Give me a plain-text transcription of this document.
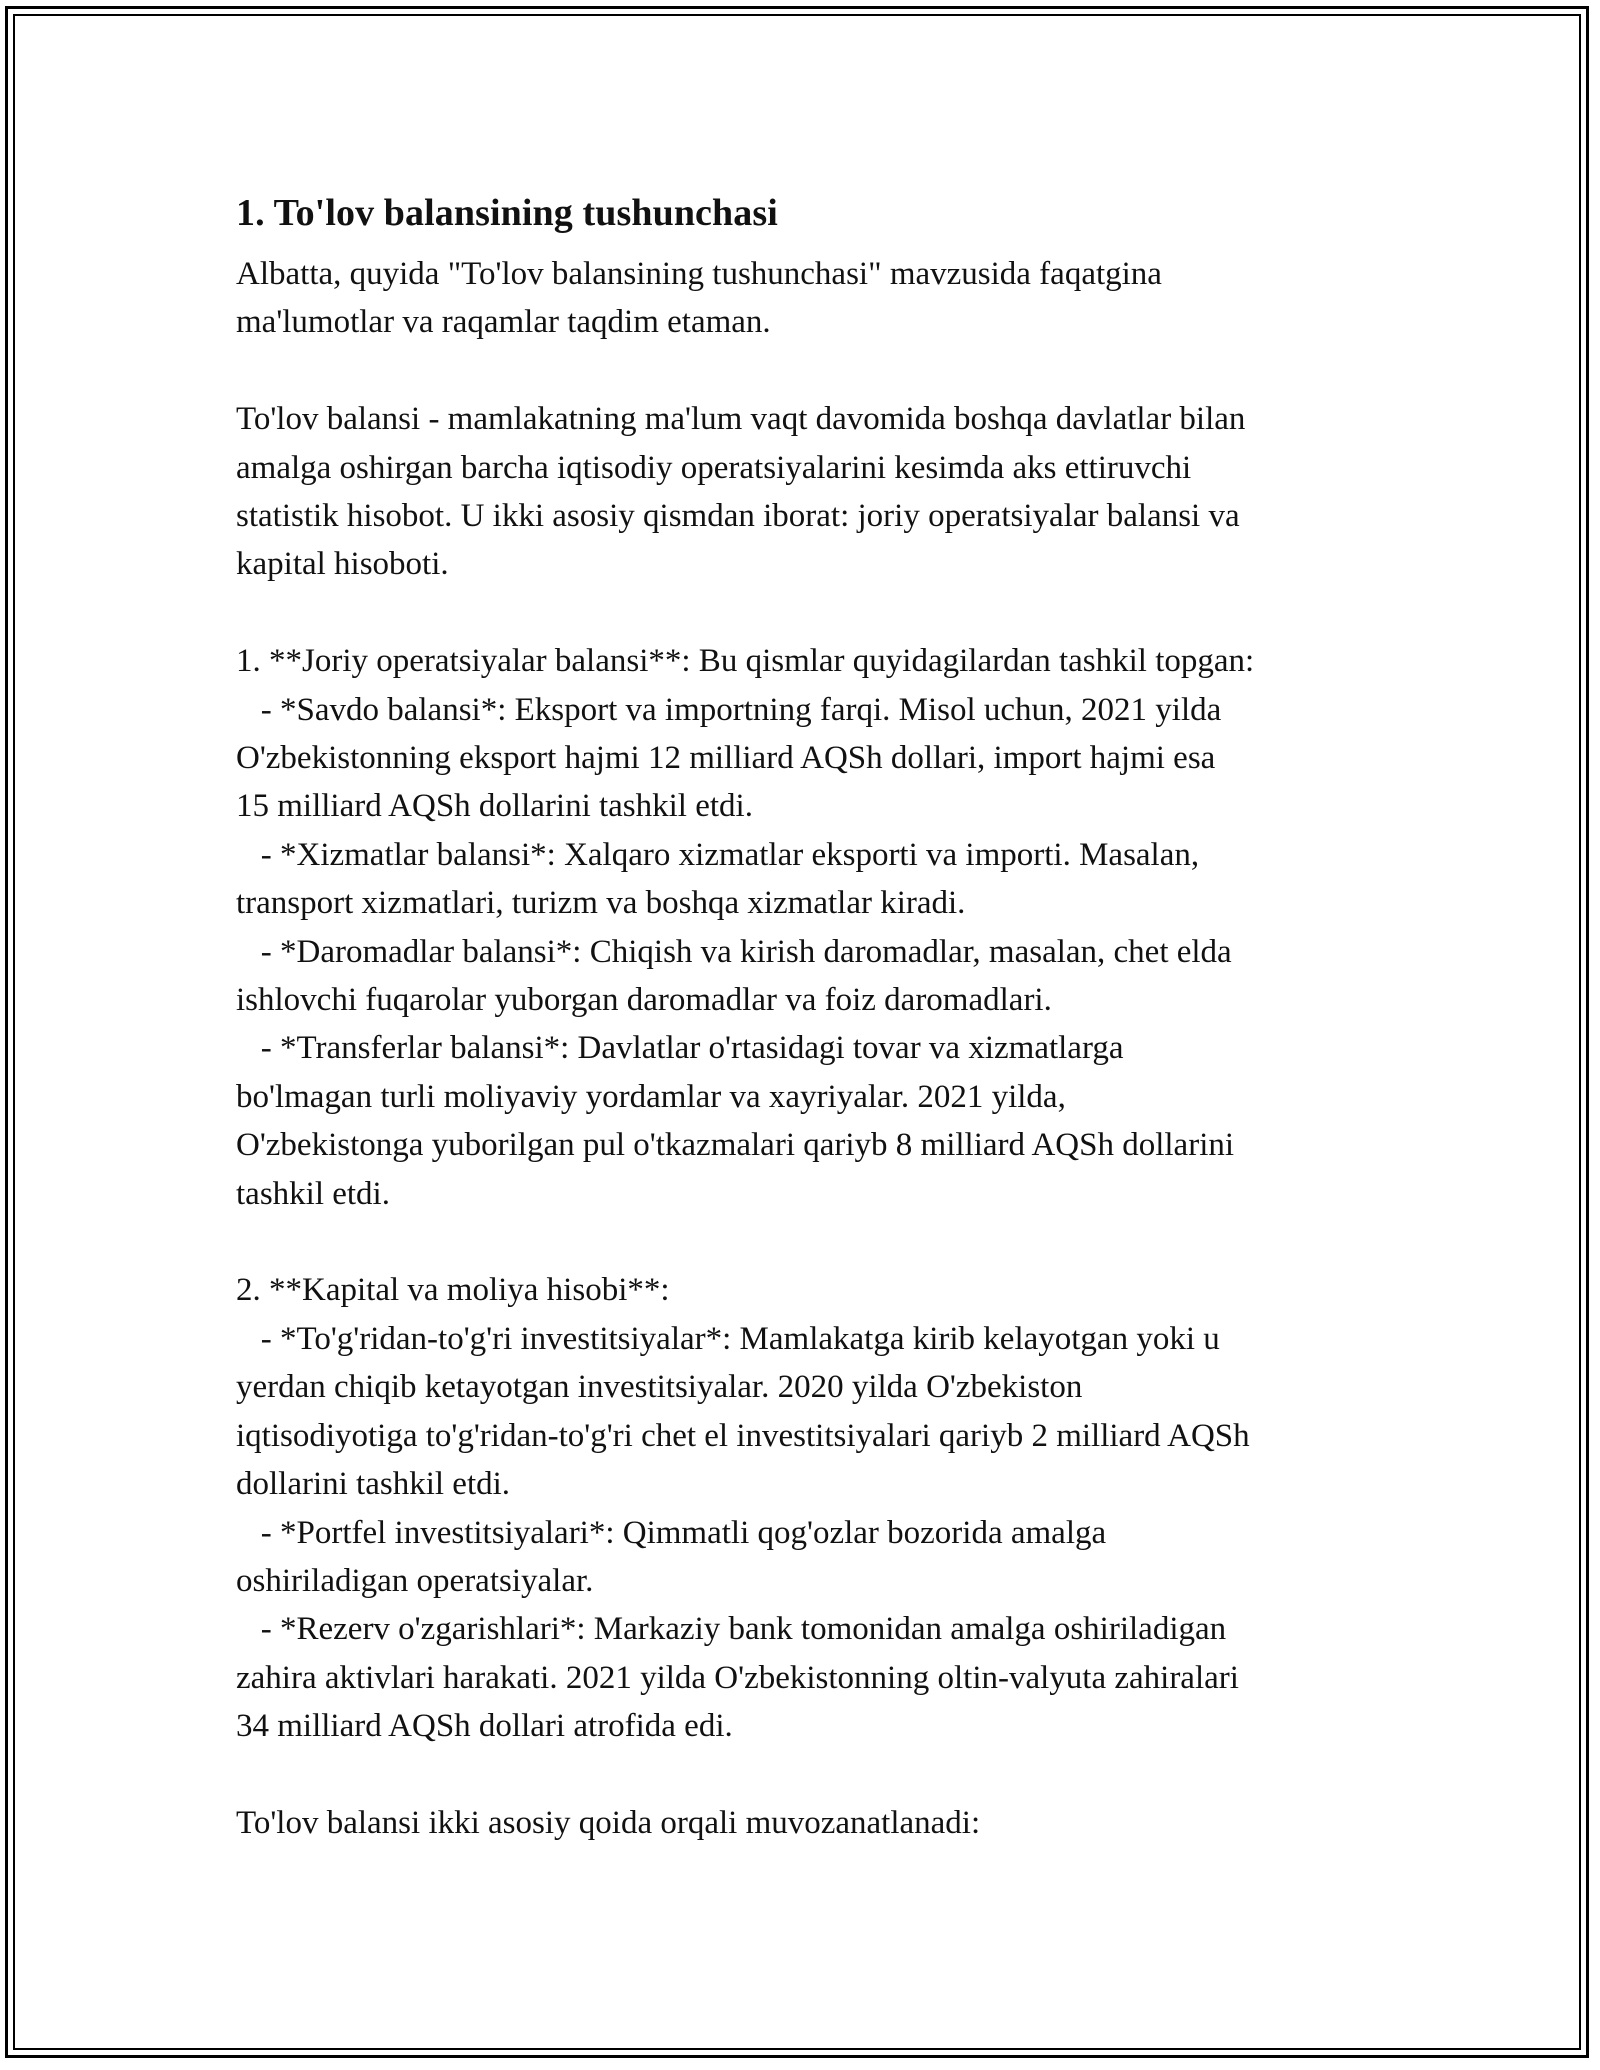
1. To'lov balansining tushunchasi

Albatta, quyida "To'lov balansining tushunchasi" mavzusida faqatgina
ma'lumotlar va raqamlar taqdim etaman.

To'lov balansi - mamlakatning ma'lum vaqt davomida boshqa davlatlar bilan
amalga oshirgan barcha iqtisodiy operatsiyalarini kesimda aks ettiruvchi
statistik hisobot. U ikki asosiy qismdan iborat: joriy operatsiyalar balansi va
kapital hisoboti.

1. **Joriy operatsiyalar balansi**: Bu qismlar quyidagilardan tashkil topgan:
- *Savdo balansi*: Eksport va importning farqi. Misol uchun, 2021 yilda
O'zbekistonning eksport hajmi 12 milliard AQSh dollari, import hajmi esa
15 milliard AQSh dollarini tashkil etdi.
- *Xizmatlar balansi*: Xalqaro xizmatlar eksporti va importi. Masalan,
transport xizmatlari, turizm va boshqa xizmatlar kiradi.
- *Daromadlar balansi*: Chiqish va kirish daromadlar, masalan, chet elda
ishlovchi fuqarolar yuborgan daromadlar va foiz daromadlari.
- *Transferlar balansi*: Davlatlar o'rtasidagi tovar va xizmatlarga
bo'lmagan turli moliyaviy yordamlar va xayriyalar. 2021 yilda,
O'zbekistonga yuborilgan pul o'tkazmalari qariyb 8 milliard AQSh dollarini
tashkil etdi.

2. **Kapital va moliya hisobi**:
- *To'g'ridan-to'g'ri investitsiyalar*: Mamlakatga kirib kelayotgan yoki u
yerdan chiqib ketayotgan investitsiyalar. 2020 yilda O'zbekiston
iqtisodiyotiga to'g'ridan-to'g'ri chet el investitsiyalari qariyb 2 milliard AQSh
dollarini tashkil etdi.
- *Portfel investitsiyalari*: Qimmatli qog'ozlar bozorida amalga
oshiriladigan operatsiyalar.
- *Rezerv o'zgarishlari*: Markaziy bank tomonidan amalga oshiriladigan
zahira aktivlari harakati. 2021 yilda O'zbekistonning oltin-valyuta zahiralari
34 milliard AQSh dollari atrofida edi.

To'lov balansi ikki asosiy qoida orqali muvozanatlanadi:
